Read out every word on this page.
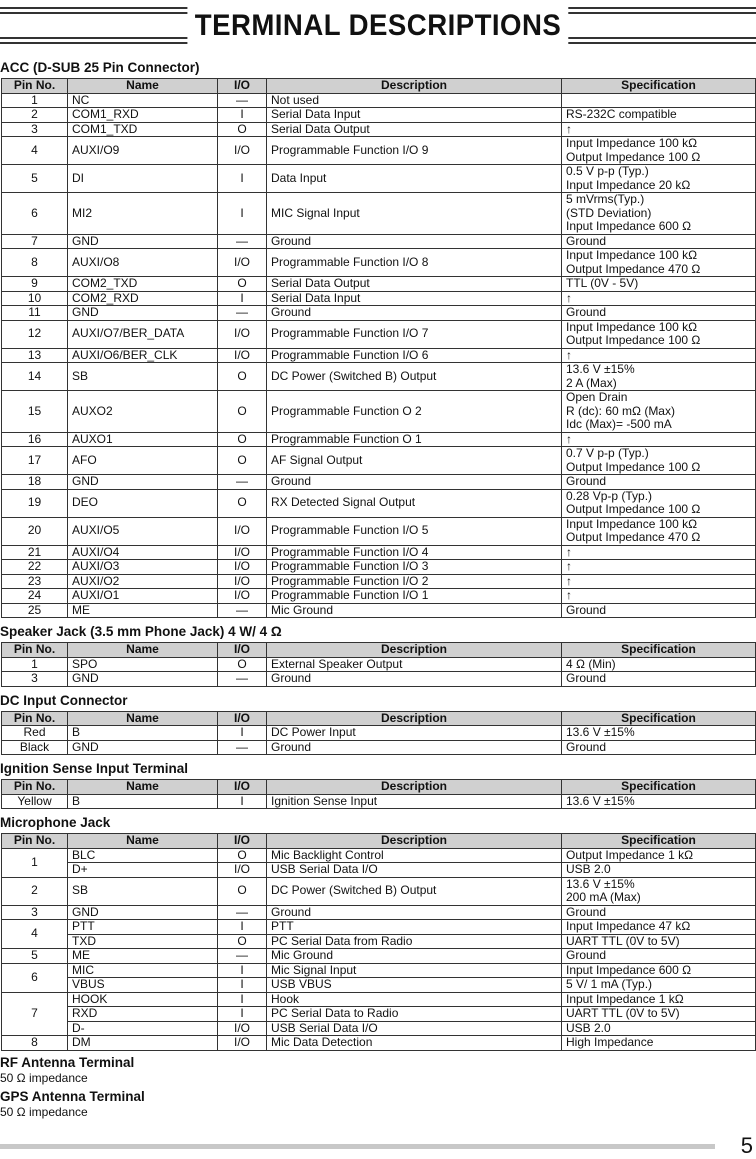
TERMINAL DESCRIPTIONS
ACC (D-SUB 25 Pin Connector)
Pin No.	Name	I/O	Description	Specification
1	NC	—	Not used	
2	COM1_RXD	I	Serial Data Input	RS-232C compatible
3	COM1_TXD	O	Serial Data Output	↑
4	AUXI/O9	I/O	Programmable Function I/O 9	Input Impedance 100 kΩ
Output Impedance 100 Ω
5	DI	I	Data Input	0.5 V p-p (Typ.)
Input Impedance 20 kΩ
6	MI2	I	MIC Signal Input	5 mVrms(Typ.)
(STD Deviation)
Input Impedance 600 Ω
7	GND	—	Ground	Ground
8	AUXI/O8	I/O	Programmable Function I/O 8	Input Impedance 100 kΩ
Output Impedance 470 Ω
9	COM2_TXD	O	Serial Data Output	TTL (0V - 5V)
10	COM2_RXD	I	Serial Data Input	↑
11	GND	—	Ground	Ground
12	AUXI/O7/BER_DATA	I/O	Programmable Function I/O 7	Input Impedance 100 kΩ
Output Impedance 100 Ω
13	AUXI/O6/BER_CLK	I/O	Programmable Function I/O 6	↑
14	SB	O	DC Power (Switched B) Output	13.6 V ±15%
2 A (Max)
15	AUXO2	O	Programmable Function O 2	Open Drain
R (dc): 60 mΩ (Max)
Idc (Max)= -500 mA
16	AUXO1	O	Programmable Function O 1	↑
17	AFO	O	AF Signal Output	0.7 V p-p (Typ.)
Output Impedance 100 Ω
18	GND	—	Ground	Ground
19	DEO	O	RX Detected Signal Output	0.28 Vp-p (Typ.)
Output Impedance 100 Ω
20	AUXI/O5	I/O	Programmable Function I/O 5	Input Impedance 100 kΩ
Output Impedance 470 Ω
21	AUXI/O4	I/O	Programmable Function I/O 4	↑
22	AUXI/O3	I/O	Programmable Function I/O 3	↑
23	AUXI/O2	I/O	Programmable Function I/O 2	↑
24	AUXI/O1	I/O	Programmable Function I/O 1	↑
25	ME	—	Mic Ground	Ground
Speaker Jack (3.5 mm Phone Jack) 4 W/ 4 Ω
Pin No.	Name	I/O	Description	Specification
1	SPO	O	External Speaker Output	4 Ω (Min)
3	GND	—	Ground	Ground
DC Input Connector
Pin No.	Name	I/O	Description	Specification
Red	B	I	DC Power Input	13.6 V ±15%
Black	GND	—	Ground	Ground
Ignition Sense Input Terminal
Pin No.	Name	I/O	Description	Specification
Yellow	B	I	Ignition Sense Input	13.6 V ±15%
Microphone Jack
Pin No.	Name	I/O	Description	Specification
1	BLC	O	Mic Backlight Control	Output Impedance 1 kΩ
	D+	I/O	USB Serial Data I/O	USB 2.0
2	SB	O	DC Power (Switched B) Output	13.6 V ±15%
200 mA (Max)
3	GND	—	Ground	Ground
4	PTT	I	PTT	Input Impedance 47 kΩ
	TXD	O	PC Serial Data from Radio	UART TTL (0V to 5V)
5	ME	—	Mic Ground	Ground
6	MIC	I	Mic Signal Input	Input Impedance 600 Ω
	VBUS	I	USB VBUS	5 V/ 1 mA (Typ.)
7	HOOK	I	Hook	Input Impedance 1 kΩ
	RXD	I	PC Serial Data to Radio	UART TTL (0V to 5V)
	D-	I/O	USB Serial Data I/O	USB 2.0
8	DM	I/O	Mic Data Detection	High Impedance
RF Antenna Terminal
50 Ω impedance
GPS Antenna Terminal
50 Ω impedance
5
